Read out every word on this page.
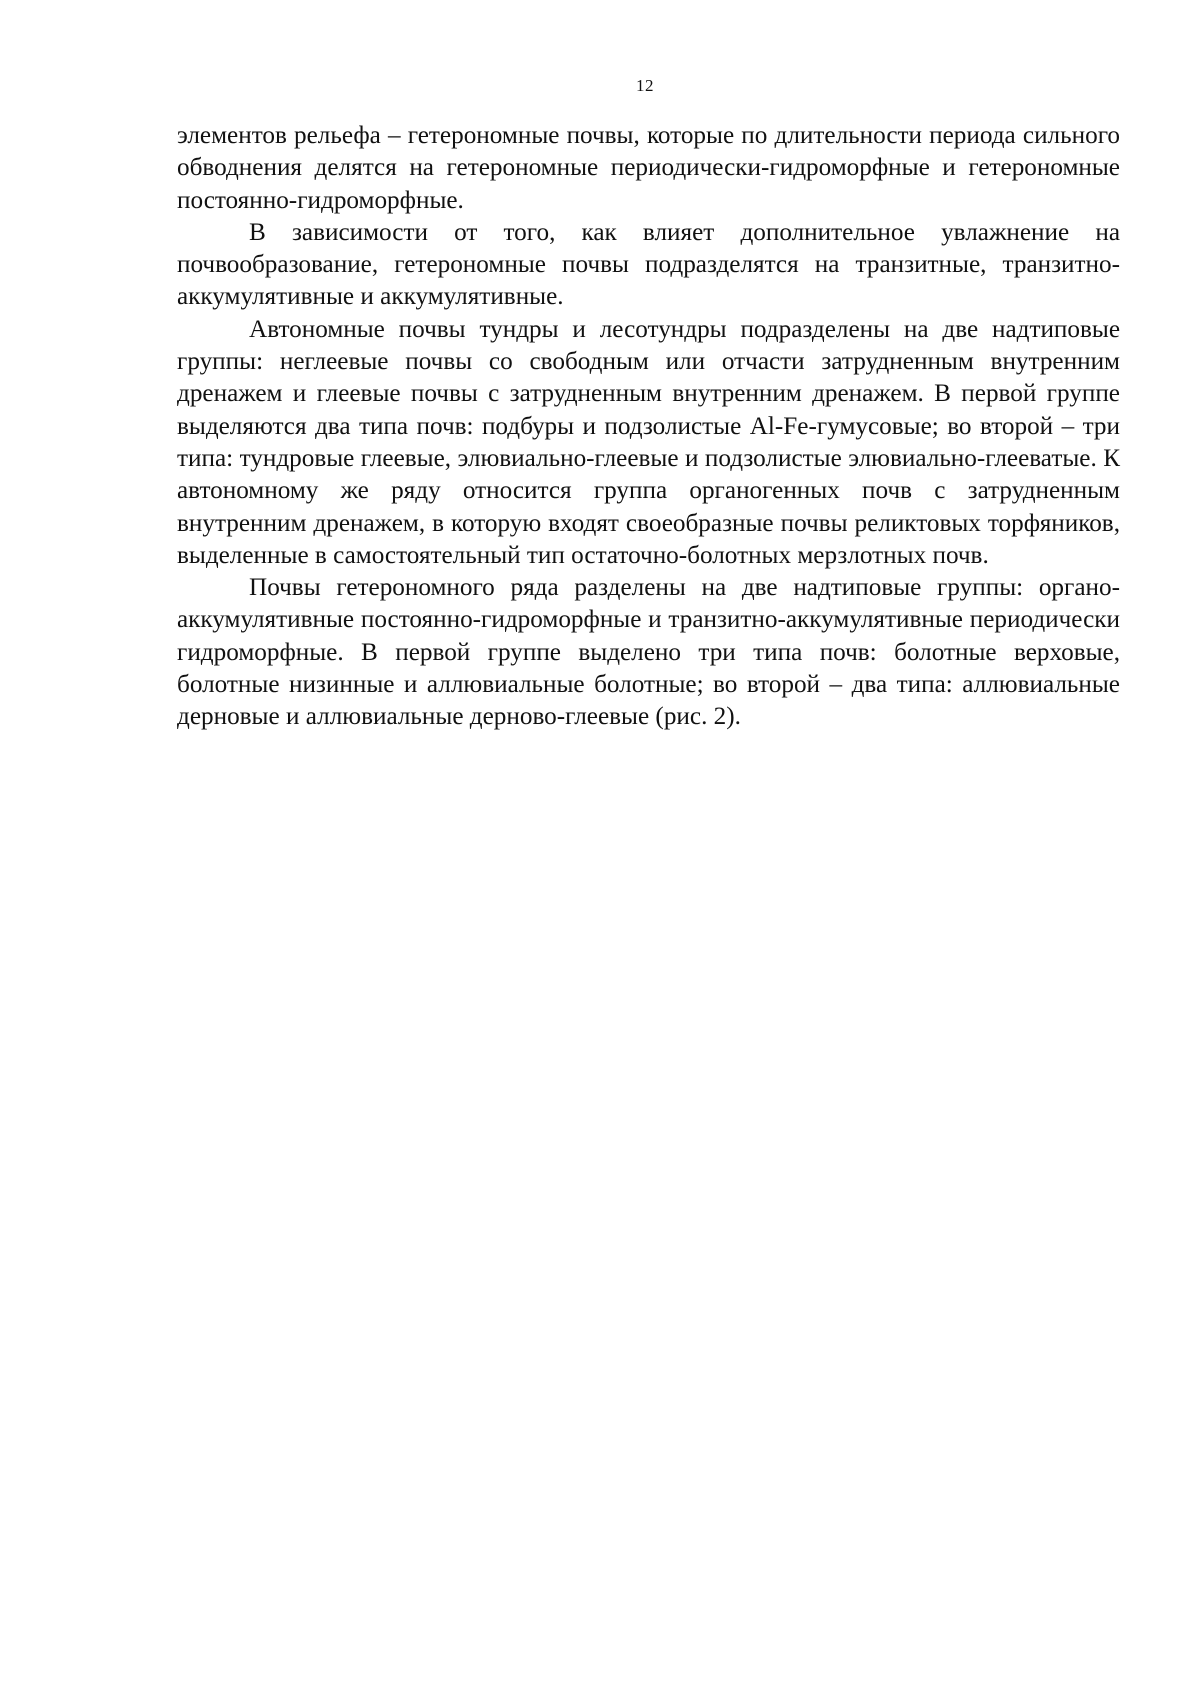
12

элементов рельефа – гетерономные почвы, которые по длительности периода сильного обводнения делятся на гетерономные периодически-гидроморфные и гетерономные постоянно-гидроморфные.

В зависимости от того, как влияет дополнительное увлажнение на почвообразование, гетерономные почвы подразделятся на транзитные, транзитно-аккумулятивные и аккумулятивные.

Автономные почвы тундры и лесотундры подразделены на две надтиповые группы: неглеевые почвы со свободным или отчасти затрудненным внутренним дренажем и глеевые почвы с затрудненным внутренним дренажем. В первой группе выделяются два типа почв: подбуры и подзолистые Al-Fe-гумусовые; во второй – три типа: тундровые глеевые, элювиально-глеевые и подзолистые элювиально-глееватые. К автономному же ряду относится группа органогенных почв с затрудненным внутренним дренажем, в которую входят своеобразные почвы реликтовых торфяников, выделенные в самостоятельный тип остаточно-болотных мерзлотных почв.

Почвы гетерономного ряда разделены на две надтиповые группы: органо-аккумулятивные постоянно-гидроморфные и транзитно-аккумулятивные периодически гидроморфные. В первой группе выделено три типа почв: болотные верховые, болотные низинные и аллювиальные болотные; во второй – два типа: аллювиальные дерновые и аллювиальные дерново-глеевые (рис. 2).
